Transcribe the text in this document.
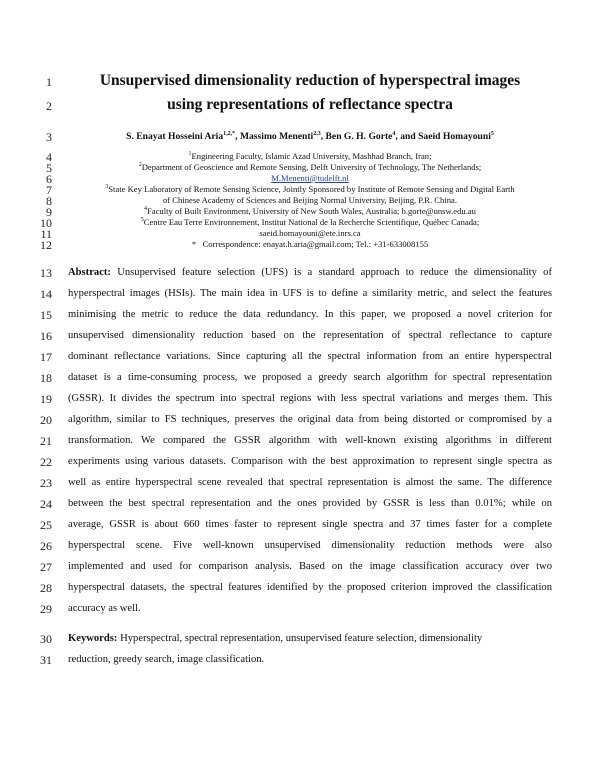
1
2
3
4
5
6
7
8
9
10
11
12
13
14
15
16
17
18
19
20
21
22
23
24
25
26
27
28
29
30
31
Unsupervised dimensionality reduction of hyperspectral images
using representations of reflectance spectra
S. Enayat Hosseini Aria$^{1,2,*}$, Massimo Menenti$^{2,3}$, Ben G. H. Gorte$^4$, and Saeid Homayouni$^5$
$^1$Engineering Faculty, Islamic Azad University, Mashhad Branch, Iran;
$^2$Department of Geoscience and Remote Sensing, Delft University of Technology, The Netherlands;
M.Menenti@tudelft.nl
$^3$State Key Laboratory of Remote Sensing Science, Jointly Sponsored by Institute of Remote Sensing and Digital Earth
of Chinese Academy of Sciences and Beijing Normal University, Beijing, P.R. China.
$^4$Faculty of Built Environment, University of New South Wales, Australia; b.gorte@unsw.edu.au
$^5$Centre Eau Terre Environnement, Institut National de la Recherche Scientifique, Québec Canada;
saeid.homayouni@ete.inrs.ca
* Correspondence: enayat.h.aria@gmail.com; Tel.: +31-633008155
Abstract: Unsupervised feature selection (UFS) is a standard approach to reduce the dimensionality of
hyperspectral images (HSIs). The main idea in UFS is to define a similarity metric, and select the features
minimising the metric to reduce the data redundancy. In this paper, we proposed a novel criterion for
unsupervised dimensionality reduction based on the representation of spectral reflectance to capture
dominant reflectance variations. Since capturing all the spectral information from an entire hyperspectral
dataset is a time-consuming process, we proposed a greedy search algorithm for spectral representation
(GSSR). It divides the spectrum into spectral regions with less spectral variations and merges them. This
algorithm, similar to FS techniques, preserves the original data from being distorted or compromised by a
transformation. We compared the GSSR algorithm with well-known existing algorithms in different
experiments using various datasets. Comparison with the best approximation to represent single spectra as
well as entire hyperspectral scene revealed that spectral representation is almost the same. The difference
between the best spectral representation and the ones provided by GSSR is less than 0.01%; while on
average, GSSR is about 660 times faster to represent single spectra and 37 times faster for a complete
hyperspectral scene. Five well-known unsupervised dimensionality reduction methods were also
implemented and used for comparison analysis. Based on the image classification accuracy over two
hyperspectral datasets, the spectral features identified by the proposed criterion improved the classification
accuracy as well.
Keywords: Hyperspectral, spectral representation, unsupervised feature selection, dimensionality
reduction, greedy search, image classification.
